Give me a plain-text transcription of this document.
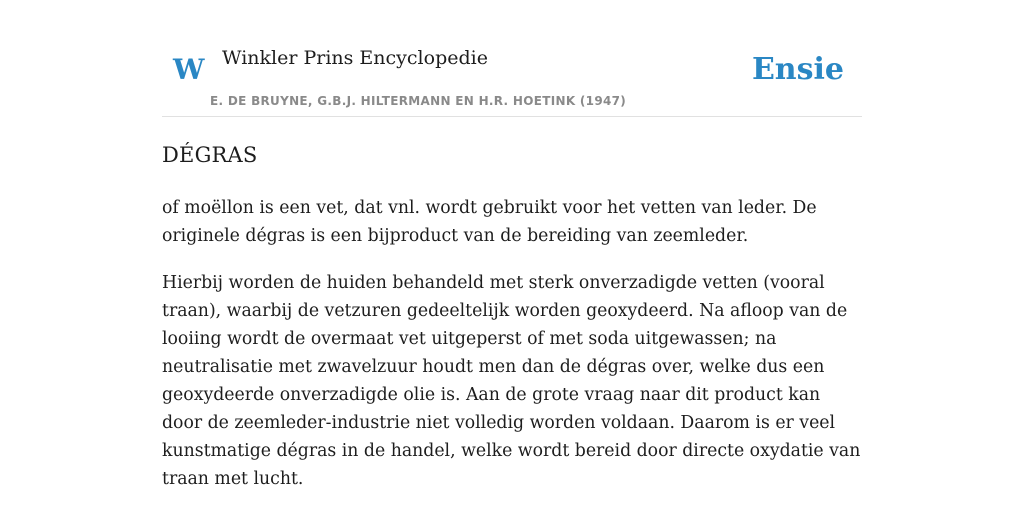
W Winkler Prins Encyclopedie
E. DE BRUYNE, G.B.J. HILTERMANN EN H.R. HOETINK (1947)
Ensie
DÉGRAS

of moëllon is een vet, dat vnl. wordt gebruikt voor het vetten van leder. De originele dégras is een bijproduct van de bereiding van zeemleder.

Hierbij worden de huiden behandeld met sterk onverzadigde vetten (vooral traan), waarbij de vetzuren gedeeltelijk worden geoxydeerd. Na afloop van de looiing wordt de overmaat vet uitgeperst of met soda uitgewassen; na neutralisatie met zwavelzuur houdt men dan de dégras over, welke dus een geoxydeerde onverzadigde olie is. Aan de grote vraag naar dit product kan door de zeemleder-industrie niet volledig worden voldaan. Daarom is er veel kunstmatige dégras in de handel, welke wordt bereid door directe oxydatie van traan met lucht.
